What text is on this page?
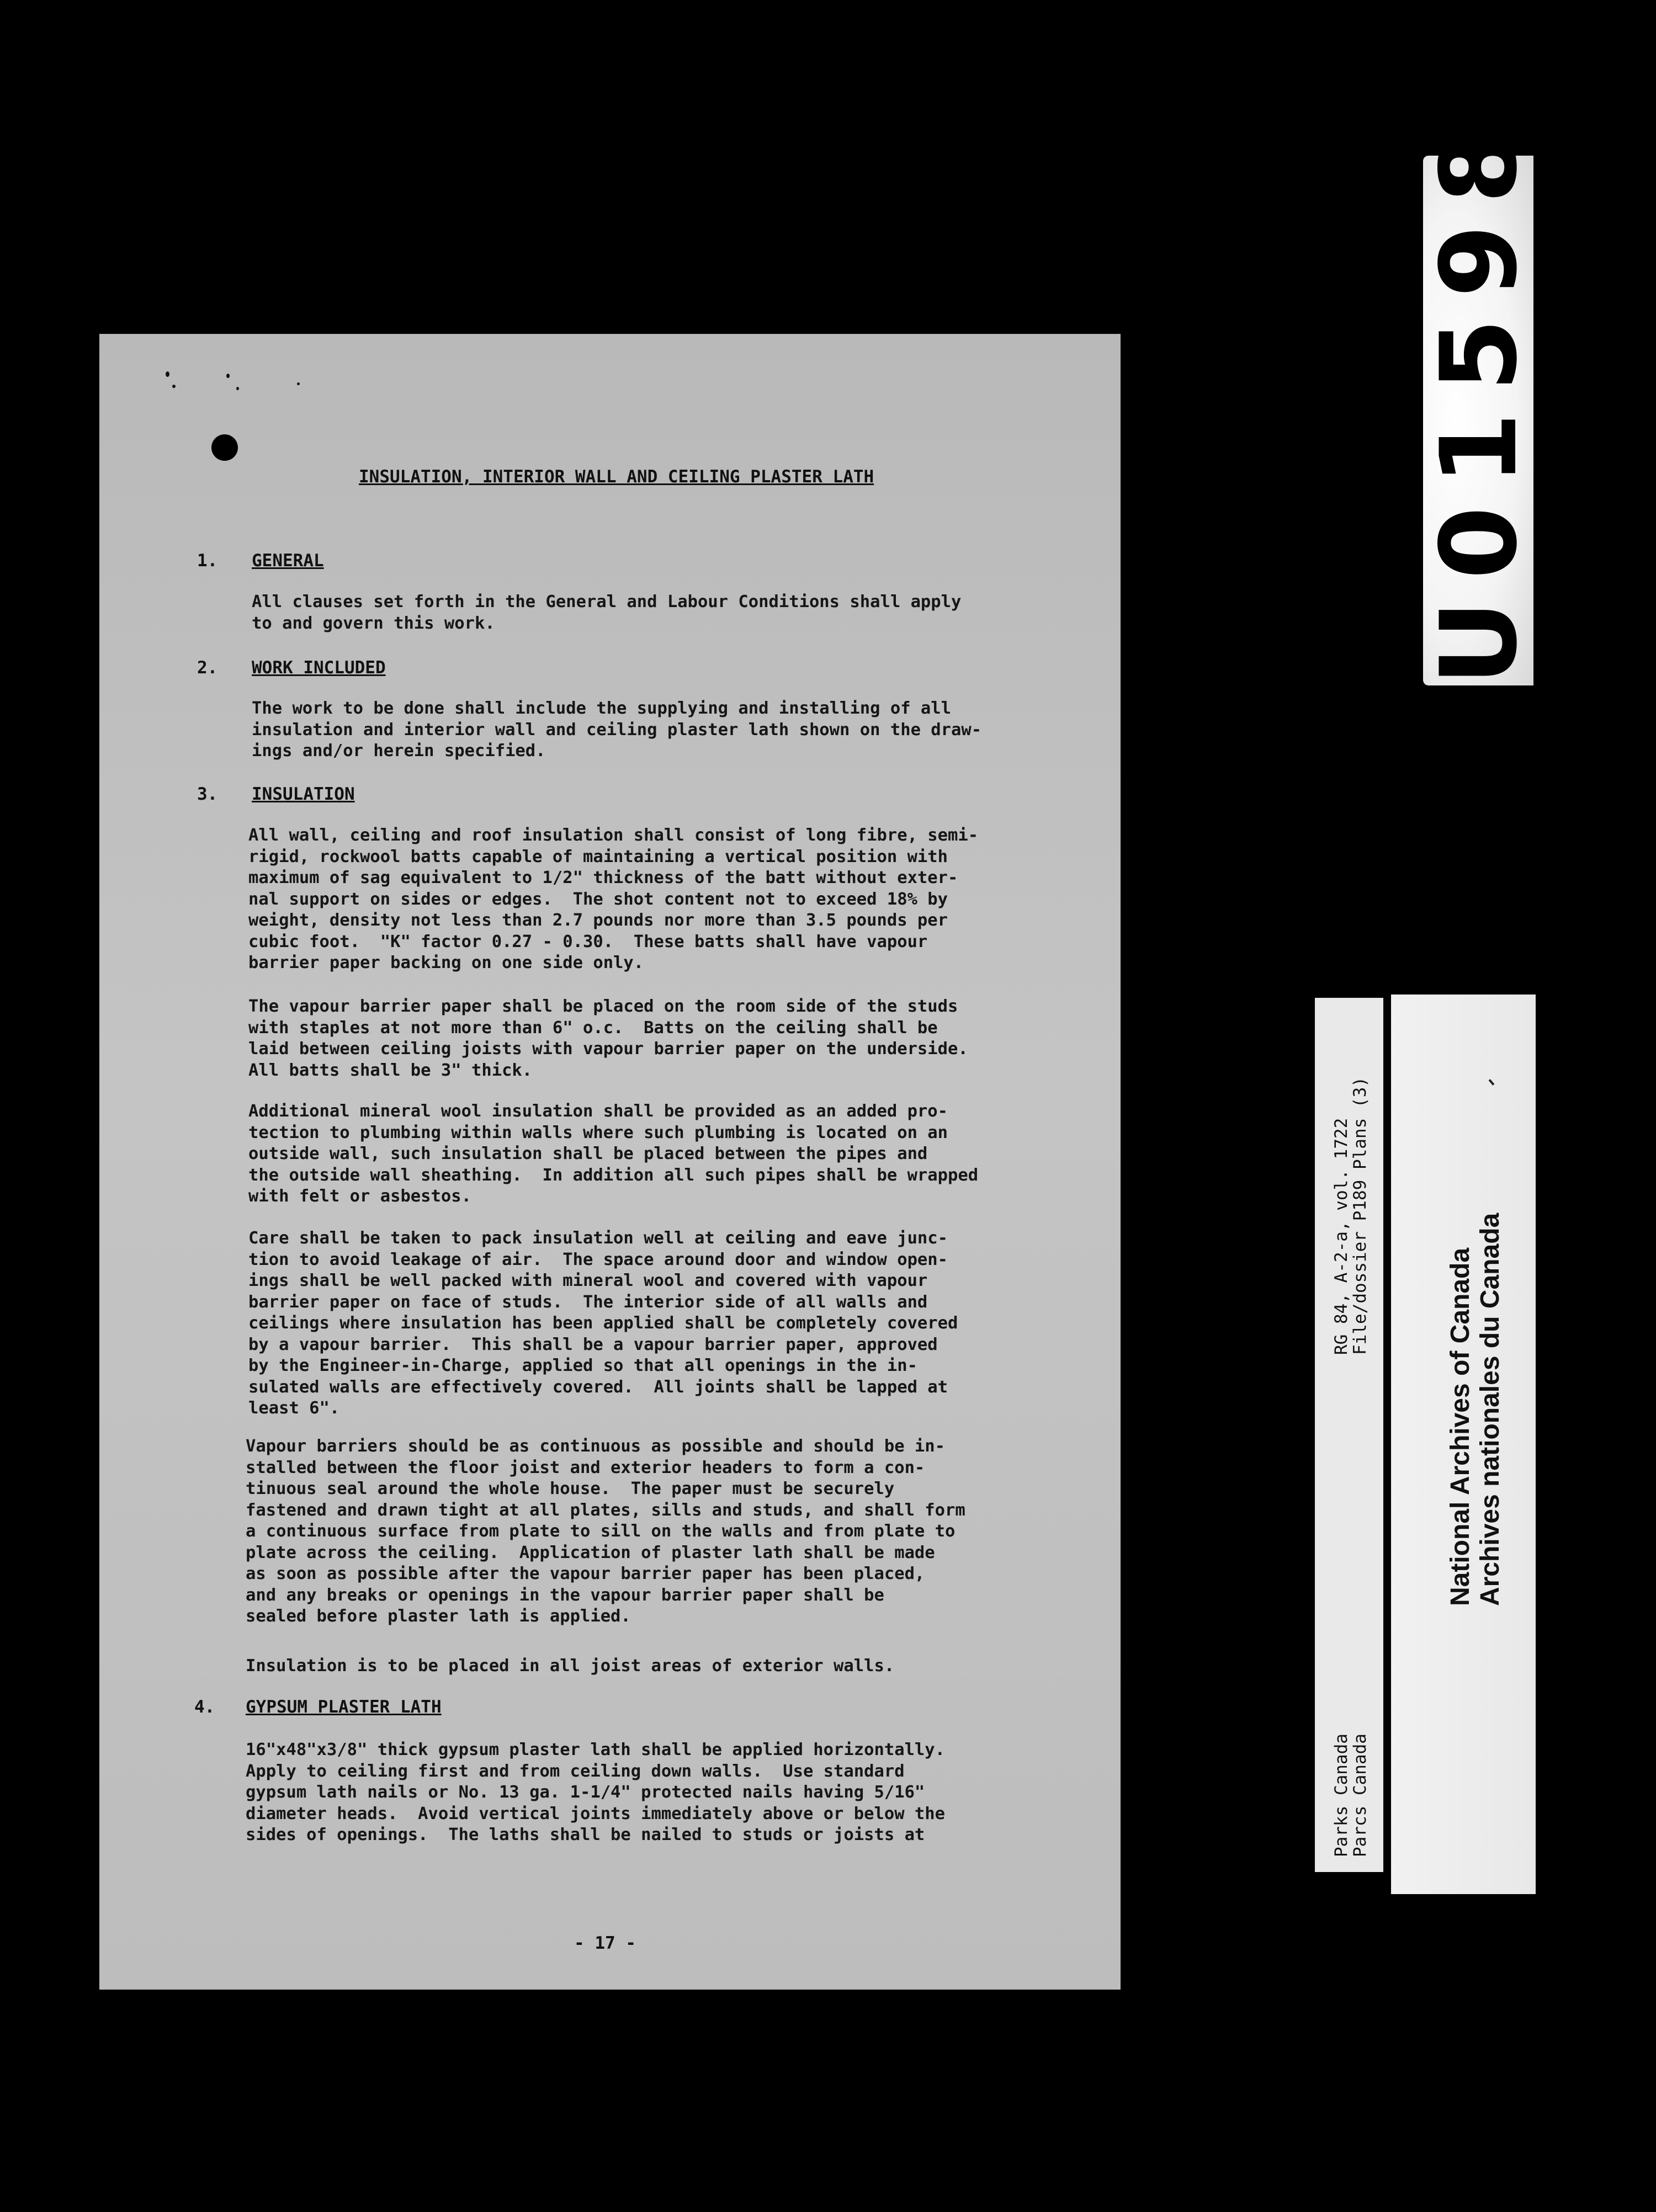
INSULATION, INTERIOR WALL AND CEILING PLASTER LATH

1. GENERAL

All clauses set forth in the General and Labour Conditions shall apply
to and govern this work.

2. WORK INCLUDED

The work to be done shall include the supplying and installing of all
insulation and interior wall and ceiling plaster lath shown on the draw-
ings and/or herein specified.

3. INSULATION

All wall, ceiling and roof insulation shall consist of long fibre, semi-
rigid, rockwool batts capable of maintaining a vertical position with
maximum of sag equivalent to 1/2" thickness of the batt without exter-
nal support on sides or edges.  The shot content not to exceed 18% by
weight, density not less than 2.7 pounds nor more than 3.5 pounds per
cubic foot.  "K" factor 0.27 - 0.30.  These batts shall have vapour
barrier paper backing on one side only.

The vapour barrier paper shall be placed on the room side of the studs
with staples at not more than 6" o.c.  Batts on the ceiling shall be
laid between ceiling joists with vapour barrier paper on the underside.
All batts shall be 3" thick.

Additional mineral wool insulation shall be provided as an added pro-
tection to plumbing within walls where such plumbing is located on an
outside wall, such insulation shall be placed between the pipes and
the outside wall sheathing.  In addition all such pipes shall be wrapped
with felt or asbestos.

Care shall be taken to pack insulation well at ceiling and eave junc-
tion to avoid leakage of air.  The space around door and window open-
ings shall be well packed with mineral wool and covered with vapour
barrier paper on face of studs.  The interior side of all walls and
ceilings where insulation has been applied shall be completely covered
by a vapour barrier.  This shall be a vapour barrier paper, approved
by the Engineer-in-Charge, applied so that all openings in the in-
sulated walls are effectively covered.  All joints shall be lapped at
least 6".

Vapour barriers should be as continuous as possible and should be in-
stalled between the floor joist and exterior headers to form a con-
tinuous seal around the whole house.  The paper must be securely
fastened and drawn tight at all plates, sills and studs, and shall form
a continuous surface from plate to sill on the walls and from plate to
plate across the ceiling.  Application of plaster lath shall be made
as soon as possible after the vapour barrier paper has been placed,
and any breaks or openings in the vapour barrier paper shall be
sealed before plaster lath is applied.

Insulation is to be placed in all joist areas of exterior walls.

4. GYPSUM PLASTER LATH

16"x48"x3/8" thick gypsum plaster lath shall be applied horizontally.
Apply to ceiling first and from ceiling down walls.  Use standard
gypsum lath nails or No. 13 ga. 1-1/4" protected nails having 5/16"
diameter heads.  Avoid vertical joints immediately above or below the
sides of openings.  The laths shall be nailed to studs or joists at

- 17 -

U01598
RG 84, A-2-a, vol. 1722
File/dossier P189 Plans (3)
Parks Canada
Parcs Canada
National Archives of Canada Archives nationales du Canada
